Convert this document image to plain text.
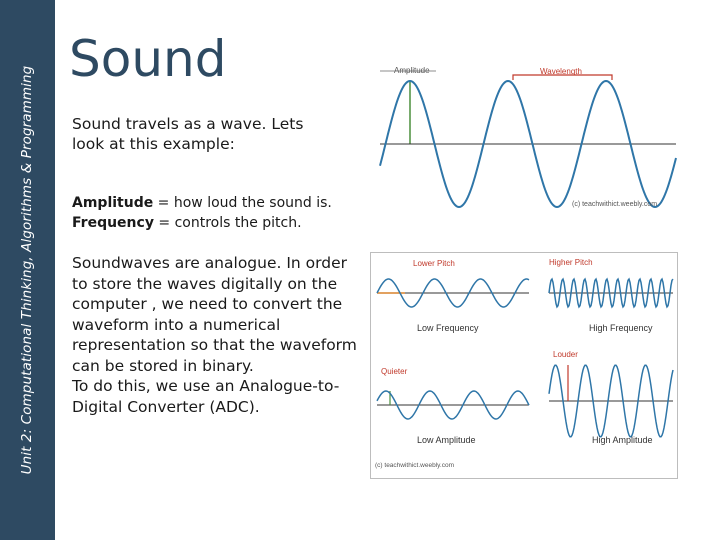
Unit 2: Computational Thinking, Algorithms & Programming
Sound
Sound travels as a wave. Lets look at this example:
Amplitude = how loud the sound is.
Frequency = controls the pitch.
Soundwaves are analogue. In order to store the waves digitally on the computer , we need to convert the waveform into a numerical representation so that the waveform can be stored in binary.
To do this, we use an Analogue-to-Digital Converter (ADC).
Amplitude	Wavelength
(c) teachwithict.weebly.com
Lower Pitch	Higher Pitch
Low Frequency	High Frequency
Louder
Quieter
Low Amplitude	High Amplitude
(c) teachwithict.weebly.com
